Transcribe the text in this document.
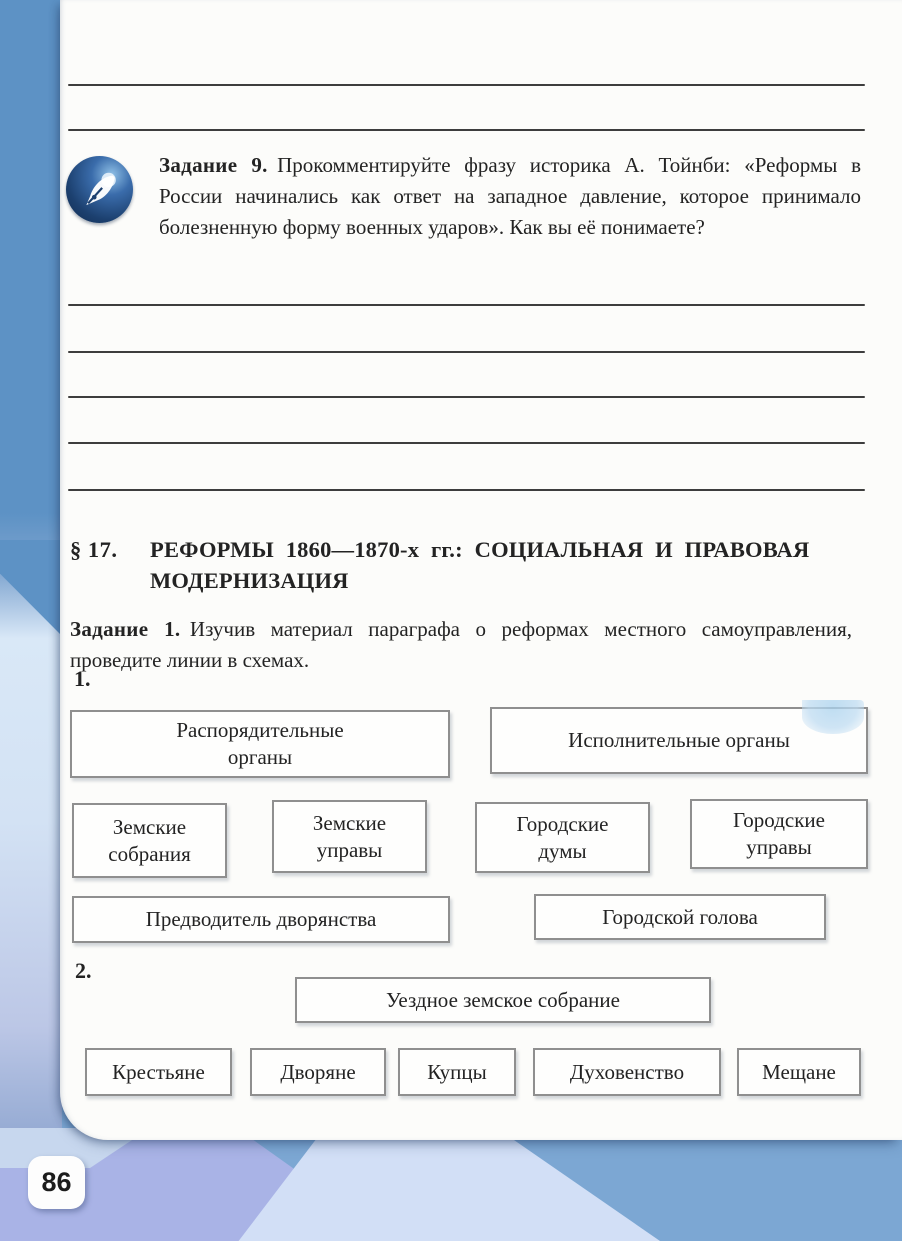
Задание 9. Прокомментируйте фразу историка А. Тойнби: «Реформы в России начинались как ответ на западное давление, которое принимало болезненную форму военных ударов». Как вы её понимаете?

§ 17.	РЕФОРМЫ 1860—1870-х гг.: СОЦИАЛЬНАЯ И ПРАВОВАЯ МОДЕРНИЗАЦИЯ

Задание 1. Изучив материал параграфа о реформах местного самоуправления, проведите линии в схемах.

1.
Распорядительные органы
Исполнительные органы
Земские собрания
Земские управы
Городские думы
Городские управы
Предводитель дворянства	Городской голова
2.
Уездное земское собрание
Крестьяне	Дворяне	Купцы	Духовенство	Мещане
86
